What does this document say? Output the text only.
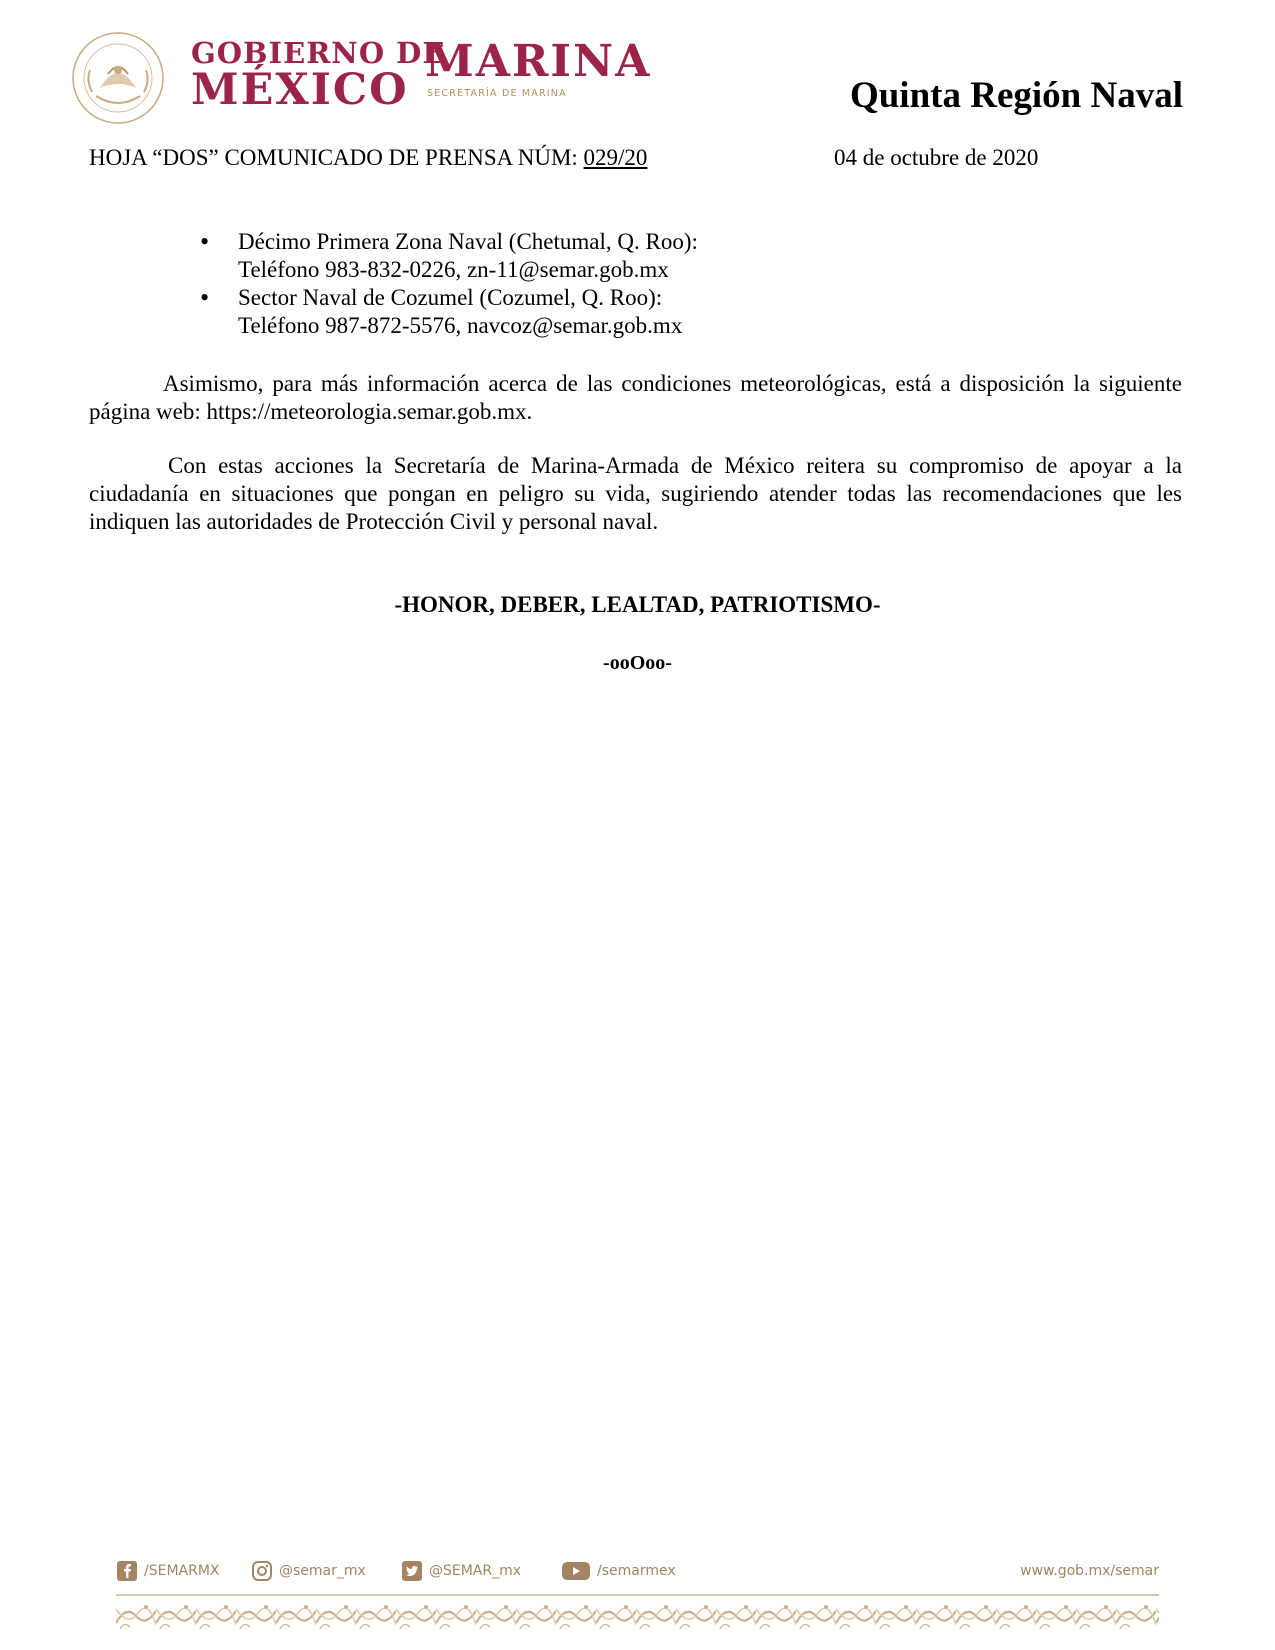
GOBIERNO DE
MÉXICO
MARINA
SECRETARÍA DE MARINA	Quinta Región Naval
HOJA “DOS” COMUNICADO DE PRENSA NÚM: 029/20	04 de octubre de 2020
• Décimo Primera Zona Naval (Chetumal, Q. Roo):
Teléfono 983-832-0226, zn-11@semar.gob.mx
• Sector Naval de Cozumel (Cozumel, Q. Roo):
Teléfono 987-872-5576, navcoz@semar.gob.mx

Asimismo, para más información acerca de las condiciones meteorológicas, está a disposición la siguiente página web: https://meteorologia.semar.gob.mx.

Con estas acciones la Secretaría de Marina-Armada de México reitera su compromiso de apoyar a la ciudadanía en situaciones que pongan en peligro su vida, sugiriendo atender todas las recomendaciones que les indiquen las autoridades de Protección Civil y personal naval.

-HONOR, DEBER, LEALTAD, PATRIOTISMO-
-ooOoo-
/SEMARMX	@semar_mx	@SEMAR_mx	/semarmex	www.gob.mx/semar
